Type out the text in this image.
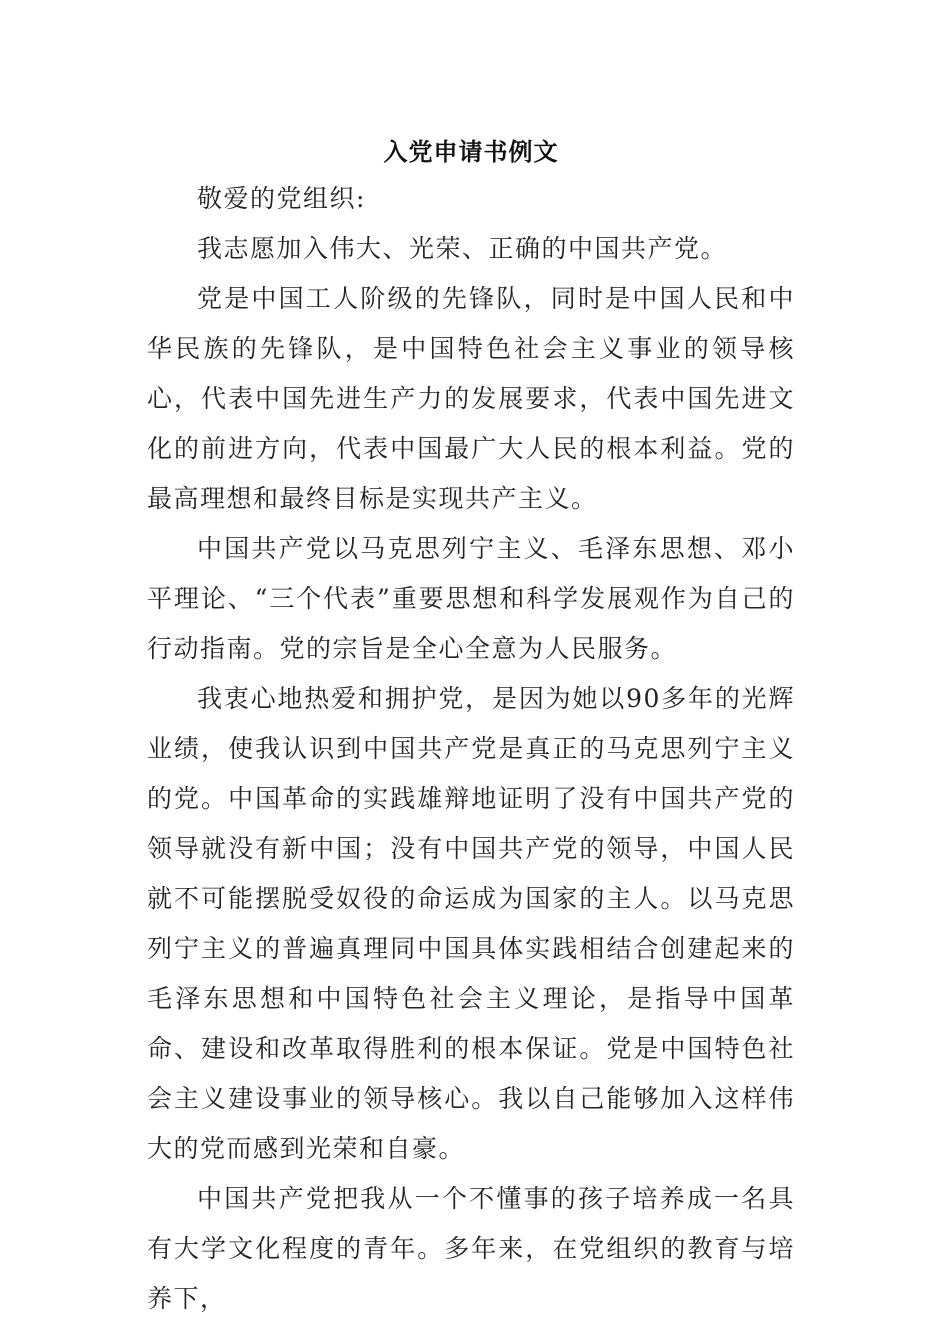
入党申请书例文

敬爱的党组织:

我志愿加入伟大、光荣、正确的中国共产党。

党是中国工人阶级的先锋队，同时是中国人民和中华民族的先锋队，是中国特色社会主义事业的领导核心，代表中国先进生产力的发展要求，代表中国先进文化的前进方向，代表中国最广大人民的根本利益。党的最高理想和最终目标是实现共产主义。

中国共产党以马克思列宁主义、毛泽东思想、邓小平理论、“三个代表”重要思想和科学发展观作为自己的行动指南。党的宗旨是全心全意为人民服务。

我衷心地热爱和拥护党，是因为她以90多年的光辉业绩，使我认识到中国共产党是真正的马克思列宁主义的党。中国革命的实践雄辩地证明了没有中国共产党的领导就没有新中国；没有中国共产党的领导，中国人民就不可能摆脱受奴役的命运成为国家的主人。以马克思列宁主义的普遍真理同中国具体实践相结合创建起来的毛泽东思想和中国特色社会主义理论，是指导中国革命、建设和改革取得胜利的根本保证。党是中国特色社会主义建设事业的领导核心。我以自己能够加入这样伟大的党而感到光荣和自豪。

中国共产党把我从一个不懂事的孩子培养成一名具有大学文化程度的青年。多年来，在党组织的教育与培养下，
